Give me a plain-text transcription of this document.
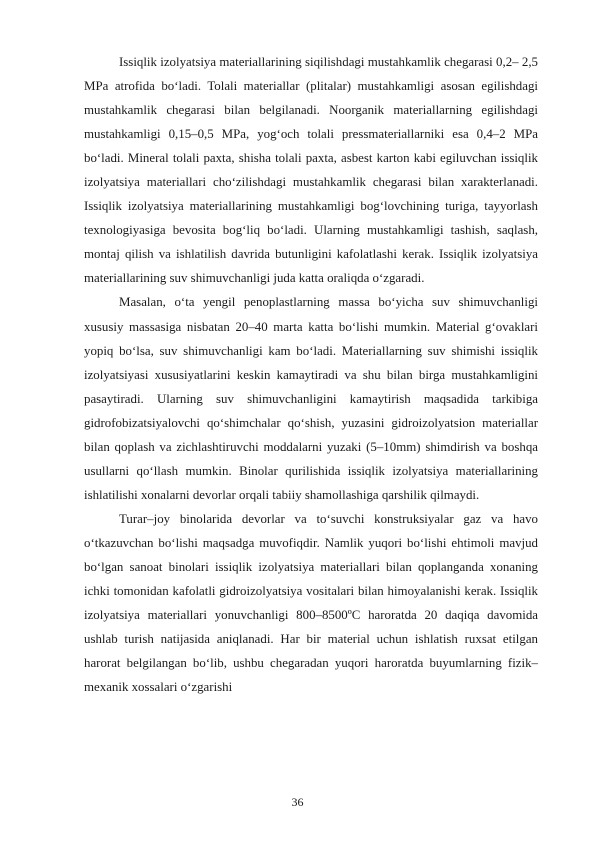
Issiqlik izolyatsiya materiallarining siqilishdagi mustahkamlik chegarasi 0,2– 2,5 MPa atrofida bo‘ladi. Tolali materiallar (plitalar) mustahkamligi asosan egilishdagi mustahkamlik chegarasi bilan belgilanadi. Noorganik materiallarning egilishdagi mustahkamligi 0,15–0,5 MPa, yog‘och tolali pressmateriallarniki esa 0,4–2 MPa bo‘ladi. Mineral tolali paxta, shisha tolali paxta, asbest karton kabi egiluvchan issiqlik izolyatsiya materiallari cho‘zilishdagi mustahkamlik chegarasi bilan xarakterlanadi. Issiqlik izolyatsiya materiallarining mustahkamligi bog‘lovchining turiga, tayyorlash texnologiyasiga bevosita bog‘liq bo‘ladi. Ularning mustahkamligi tashish, saqlash, montaj qilish va ishlatilish davrida butunligini kafolatlashi kerak. Issiqlik izolyatsiya materiallarining suv shimuvchanligi juda katta oraliqda o‘zgaradi.

Masalan, o‘ta yengil penoplastlarning massa bo‘yicha suv shimuvchanligi xususiy massasiga nisbatan 20–40 marta katta bo‘lishi mumkin. Material g‘ovaklari yopiq bo‘lsa, suv shimuvchanligi kam bo‘ladi. Materiallarning suv shimishi issiqlik izolyatsiyasi xususiyatlarini keskin kamaytiradi va shu bilan birga mustahkamligini pasaytiradi. Ularning suv shimuvchanligini kamaytirish maqsadida tarkibiga gidrofobizatsiyalovchi qo‘shimchalar qo‘shish, yuzasini gidroizolyatsion materiallar bilan qoplash va zichlashtiruvchi moddalarni yuzaki (5–10mm) shimdirish va boshqa usullarni qo‘llash mumkin. Binolar qurilishida issiqlik izolyatsiya materiallarining ishlatilishi xonalarni devorlar orqali tabiiy shamollashiga qarshilik qilmaydi.

Turar–joy binolarida devorlar va to‘suvchi konstruksiyalar gaz va havo o‘tkazuvchan bo‘lishi maqsadga muvofiqdir. Namlik yuqori bo‘lishi ehtimoli mavjud bo‘lgan sanoat binolari issiqlik izolyatsiya materiallari bilan qoplanganda xonaning ichki tomonidan kafolatli gidroizolyatsiya vositalari bilan himoyalanishi kerak. Issiqlik izolyatsiya materiallari yonuvchanligi 800–8500ºC haroratda 20 daqiqa davomida ushlab turish natijasida aniqlanadi. Har bir material uchun ishlatish ruxsat etilgan harorat belgilangan bo‘lib, ushbu chegaradan yuqori haroratda buyumlarning fizik–mexanik xossalari o‘zgarishi

36
